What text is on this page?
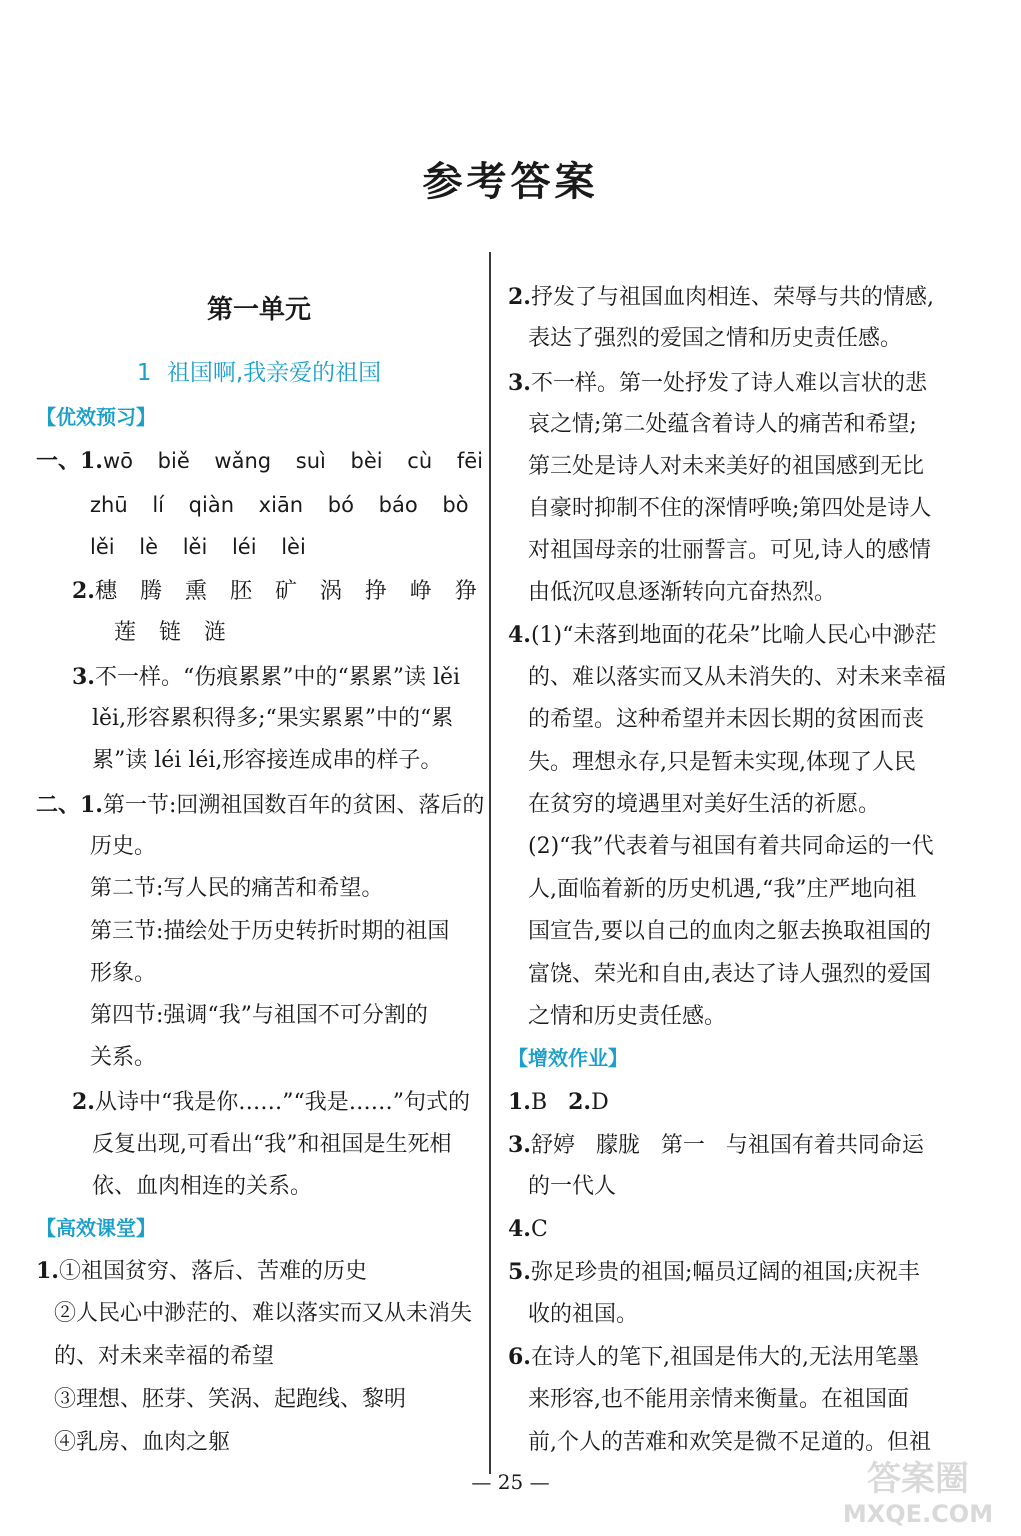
参考答案
第一单元
1 祖国啊,我亲爱的祖国
【优效预习】
一、1.wō biě wǎng suì bèi cù fēi
zhū lí qiàn xiān bó báo bò
lěi lè lěi léi lèi
2.穗 腾 熏 胚 矿 涡 挣 峥 狰
莲 链 涟
3.不一样。“伤痕累累”中的“累累”读 lěi
lěi,形容累积得多;“果实累累”中的“累
累”读 léi léi,形容接连成串的样子。
二、1.第一节:回溯祖国数百年的贫困、落后的
历史。
第二节:写人民的痛苦和希望。
第三节:描绘处于历史转折时期的祖国
形象。
第四节:强调“我”与祖国不可分割的
关系。
2.从诗中“我是你……”“我是……”句式的
反复出现,可看出“我”和祖国是生死相
依、血肉相连的关系。
【高效课堂】
1.①祖国贫穷、落后、苦难的历史
②人民心中渺茫的、难以落实而又从未消失
的、对未来幸福的希望
③理想、胚芽、笑涡、起跑线、黎明
④乳房、血肉之躯
2.抒发了与祖国血肉相连、荣辱与共的情感,
表达了强烈的爱国之情和历史责任感。
3.不一样。第一处抒发了诗人难以言状的悲
哀之情;第二处蕴含着诗人的痛苦和希望;
第三处是诗人对未来美好的祖国感到无比
自豪时抑制不住的深情呼唤;第四处是诗人
对祖国母亲的壮丽誓言。可见,诗人的感情
由低沉叹息逐渐转向亢奋热烈。
4.(1)“未落到地面的花朵”比喻人民心中渺茫
的、难以落实而又从未消失的、对未来幸福
的希望。这种希望并未因长期的贫困而丧
失。理想永存,只是暂未实现,体现了人民
在贫穷的境遇里对美好生活的祈愿。
(2)“我”代表着与祖国有着共同命运的一代
人,面临着新的历史机遇,“我”庄严地向祖
国宣告,要以自己的血肉之躯去换取祖国的
富饶、荣光和自由,表达了诗人强烈的爱国
之情和历史责任感。
【增效作业】
1.B 2.D
3.舒婷   朦胧   第一   与祖国有着共同命运
的一代人
4.C
5.弥足珍贵的祖国;幅员辽阔的祖国;庆祝丰
收的祖国。
6.在诗人的笔下,祖国是伟大的,无法用笔墨
来形容,也不能用亲情来衡量。在祖国面
前,个人的苦难和欢笑是微不足道的。但祖
— 25 —	答案圈
MXQE.COM
